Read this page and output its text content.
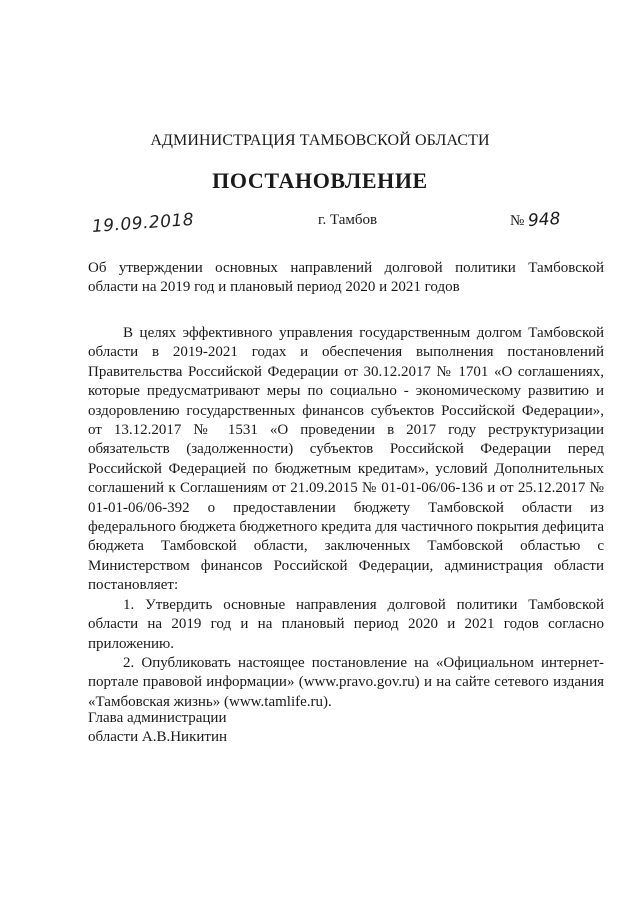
АДМИНИСТРАЦИЯ ТАМБОВСКОЙ ОБЛАСТИ
ПОСТАНОВЛЕНИЕ
19.09.2018	г. Тамбов	№ 948
Об утверждении основных направлений долговой политики Тамбовской области на 2019 год и плановый период 2020 и 2021 годов

В целях эффективного управления государственным долгом Тамбовской области в 2019-2021 годах и обеспечения выполнения постановлений Правительства Российской Федерации от 30.12.2017 № 1701 «О соглашениях, которые предусматривают меры по социально - экономическому развитию и оздоровлению государственных финансов субъектов Российской Федерации», от 13.12.2017 № 1531 «О проведении в 2017 году реструктуризации обязательств (задолженности) субъектов Российской Федерации перед Российской Федерацией по бюджетным кредитам», условий Дополнительных соглашений к Соглашениям от 21.09.2015 № 01-01-06/06-136 и от 25.12.2017 № 01-01-06/06-392 о предоставлении бюджету Тамбовской области из федерального бюджета бюджетного кредита для частичного покрытия дефицита бюджета Тамбовской области, заключенных Тамбовской областью с Министерством финансов Российской Федерации, администрация области постановляет:

1. Утвердить основные направления долговой политики Тамбовской области на 2019 год и на плановый период 2020 и 2021 годов согласно приложению.

2. Опубликовать настоящее постановление на «Официальном интернет-портале правовой информации» (www.pravo.gov.ru) и на сайте сетевого издания «Тамбовская жизнь» (www.tamlife.ru).

Глава администрации
области А.В.Никитин
